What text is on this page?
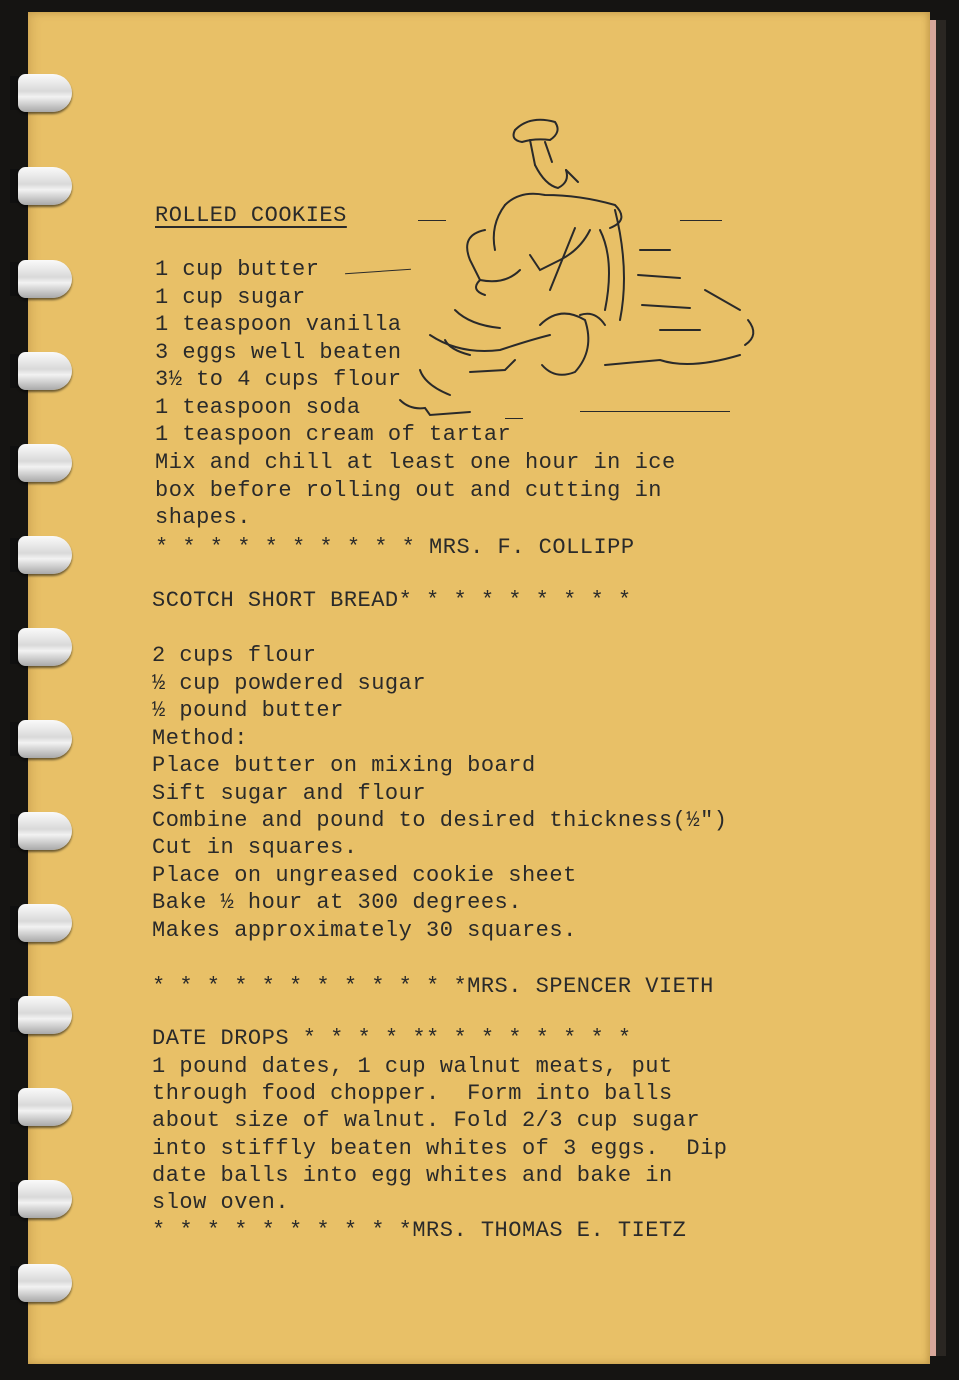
ROLLED COOKIES
1 cup butter
1 cup sugar
1 teaspoon vanilla
3 eggs well beaten
3½ to 4 cups flour
1 teaspoon soda
1 teaspoon cream of tartar
Mix and chill at least one hour in ice
box before rolling out and cutting in
shapes.
* * * * * * * * * * MRS. F. COLLIPP
SCOTCH SHORT BREAD* * * * * * * * *
2 cups flour
½ cup powdered sugar
½ pound butter
Method:
Place butter on mixing board
Sift sugar and flour
Combine and pound to desired thickness(½")
Cut in squares.
Place on ungreased cookie sheet
Bake ½ hour at 300 degrees.
Makes approximately 30 squares.
* * * * * * * * * * * *MRS. SPENCER VIETH
DATE DROPS * * * * ** * * * * * * *
1 pound dates, 1 cup walnut meats, put
through food chopper.  Form into balls
about size of walnut. Fold 2/3 cup sugar
into stiffly beaten whites of 3 eggs.  Dip
date balls into egg whites and bake in
slow oven.
* * * * * * * * * *MRS. THOMAS E. TIETZ
